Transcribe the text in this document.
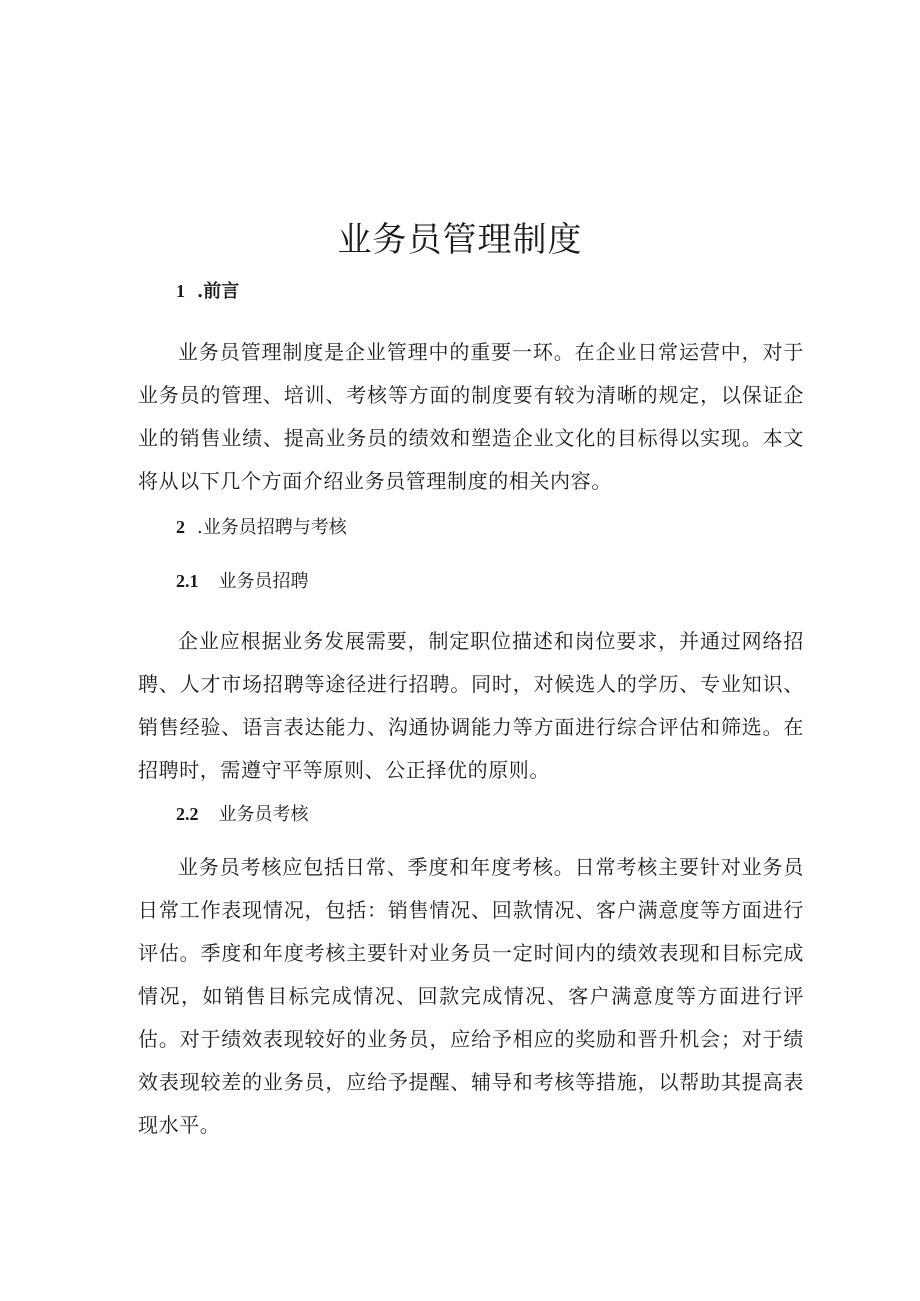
业务员管理制度
1 .前言

业务员管理制度是企业管理中的重要一环。在企业日常运营中，对于业务员的管理、培训、考核等方面的制度要有较为清晰的规定，以保证企业的销售业绩、提高业务员的绩效和塑造企业文化的目标得以实现。本文将从以下几个方面介绍业务员管理制度的相关内容。

2 .业务员招聘与考核
2.1 业务员招聘

企业应根据业务发展需要，制定职位描述和岗位要求，并通过网络招聘、人才市场招聘等途径进行招聘。同时，对候选人的学历、专业知识、销售经验、语言表达能力、沟通协调能力等方面进行综合评估和筛选。在招聘时，需遵守平等原则、公正择优的原则。

2.2 业务员考核

业务员考核应包括日常、季度和年度考核。日常考核主要针对业务员日常工作表现情况，包括：销售情况、回款情况、客户满意度等方面进行评估。季度和年度考核主要针对业务员一定时间内的绩效表现和目标完成情况，如销售目标完成情况、回款完成情况、客户满意度等方面进行评估。对于绩效表现较好的业务员，应给予相应的奖励和晋升机会；对于绩效表现较差的业务员，应给予提醒、辅导和考核等措施，以帮助其提高表现水平。
